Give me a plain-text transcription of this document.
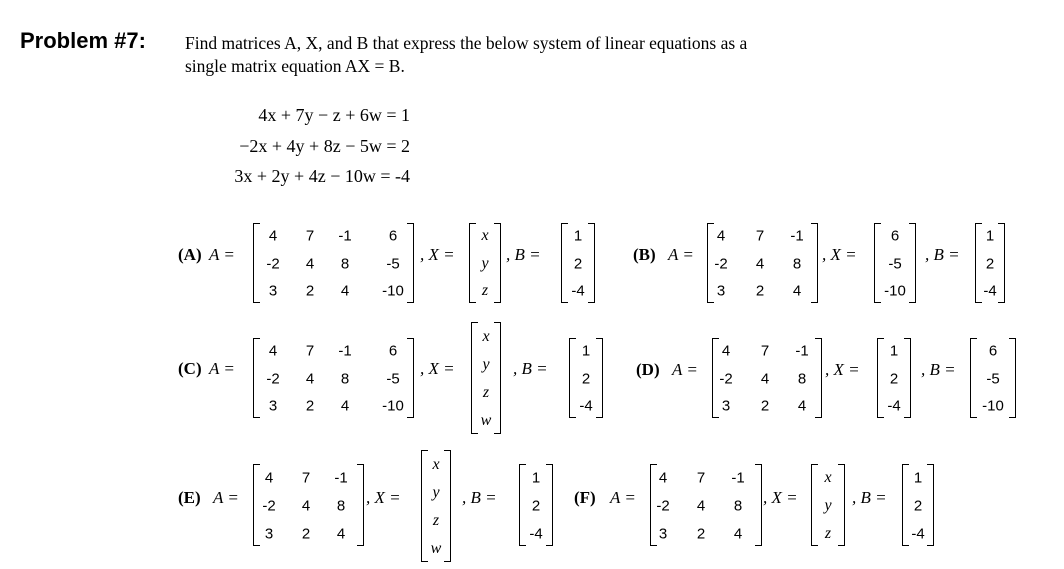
Problem #7: Find matrices A, X, and B that express the below system of linear equations as a
single matrix equation AX = B.
4x + 7y − z + 6w = 1
−2x + 4y + 8z − 5w = 2
3x + 2y + 4z − 10w = -4
(A) A =
4 7 -1 6
-2 4 8 -5
3 2 4 -10
, X =
x
y
z
, B =
1
2
-4
(B) A =
4 7 -1
-2 4 8
3 2 4
, X =
6
-5
-10
, B =
1
2
-4
(C) A =
4 7 -1 6
-2 4 8 -5
3 2 4 -10
, X =
x
y
z
w
, B =
1
2
-4
(D) A =
4 7 -1
-2 4 8
3 2 4
, X =
1
2
-4
, B =
6
-5
-10
(E) A =
4 7 -1
-2 4 8
3 2 4
, X =
x
y
z
w
, B =
1
2
-4
(F) A =
4 7 -1
-2 4 8
3 2 4
, X =
x
y
z
, B =
1
2
-4
